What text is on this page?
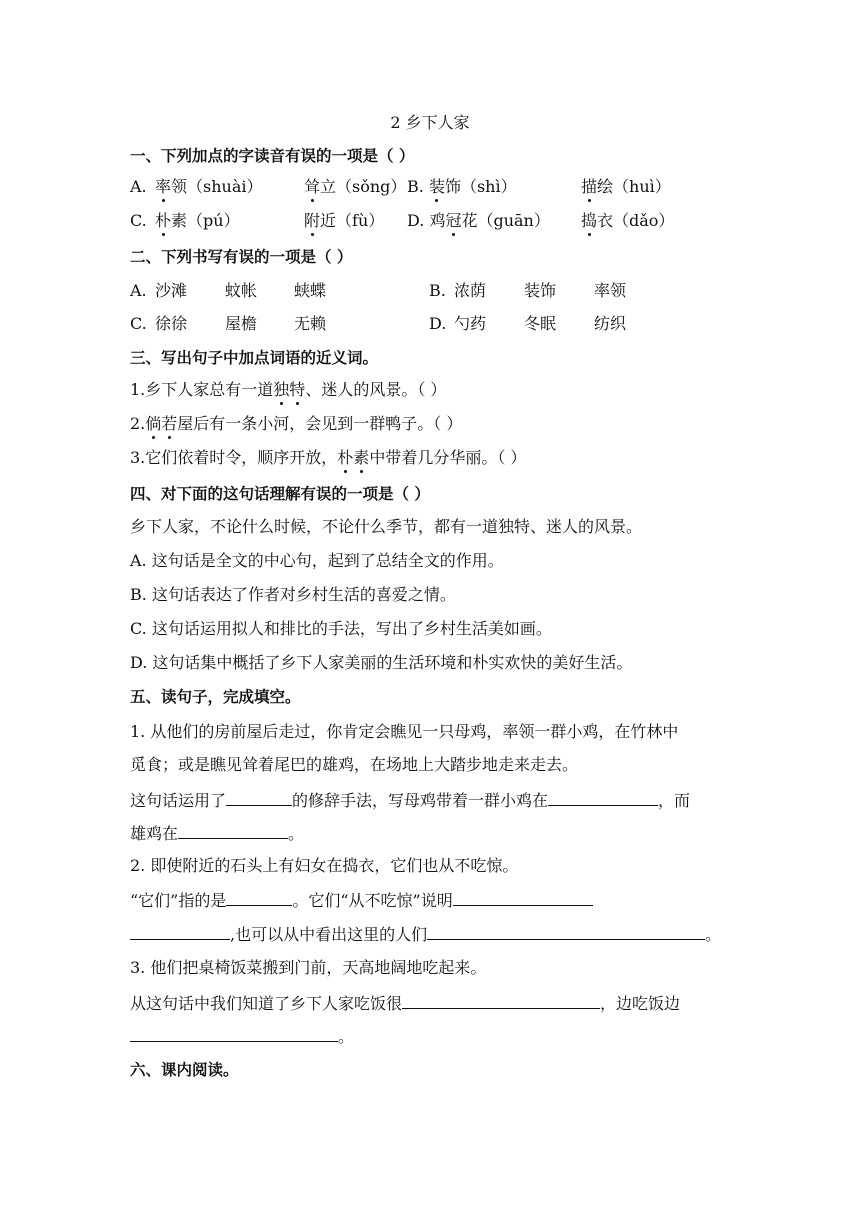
2 乡下人家
一、下列加点的字读音有误的一项是（ ）
A. 率领（shuài）	耸立（sǒng） B. 装饰（shì）	描绘（huì）
C. 朴素（pú）	附近（fù） D. 鸡冠花（guān） 捣衣（dǎo）
二、下列书写有误的一项是（ ）
A. 沙滩 蚊帐 蛱蝶	B. 浓荫 装饰 率领
C. 徐徐 屋檐 无赖	D. 勺药 冬眠 纺织
三、写出句子中加点词语的近义词。
1.乡下人家总有一道独特、迷人的风景。（ ）
2.倘若屋后有一条小河，会见到一群鸭子。（ ）
3.它们依着时令，顺序开放，朴素中带着几分华丽。（ ）
四、对下面的这句话理解有误的一项是（ ）
乡下人家，不论什么时候，不论什么季节，都有一道独特、迷人的风景。
A. 这句话是全文的中心句，起到了总结全文的作用。
B. 这句话表达了作者对乡村生活的喜爱之情。
C. 这句话运用拟人和排比的手法，写出了乡村生活美如画。
D. 这句话集中概括了乡下人家美丽的生活环境和朴实欢快的美好生活。
五、读句子，完成填空。
1. 从他们的房前屋后走过，你肯定会瞧见一只母鸡，率领一群小鸡，在竹林中
觅食；或是瞧见耸着尾巴的雄鸡，在场地上大踏步地走来走去。
这句话运用了	的修辞手法，写母鸡带着一群小鸡在	，而
雄鸡在	。
2. 即使附近的石头上有妇女在捣衣，它们也从不吃惊。
“它们”指的是	。它们“从不吃惊”说明
,也可以从中看出这里的人们	。
3. 他们把桌椅饭菜搬到门前，天高地阔地吃起来。
从这句话中我们知道了乡下人家吃饭很	，边吃饭边
。
六、课内阅读。
